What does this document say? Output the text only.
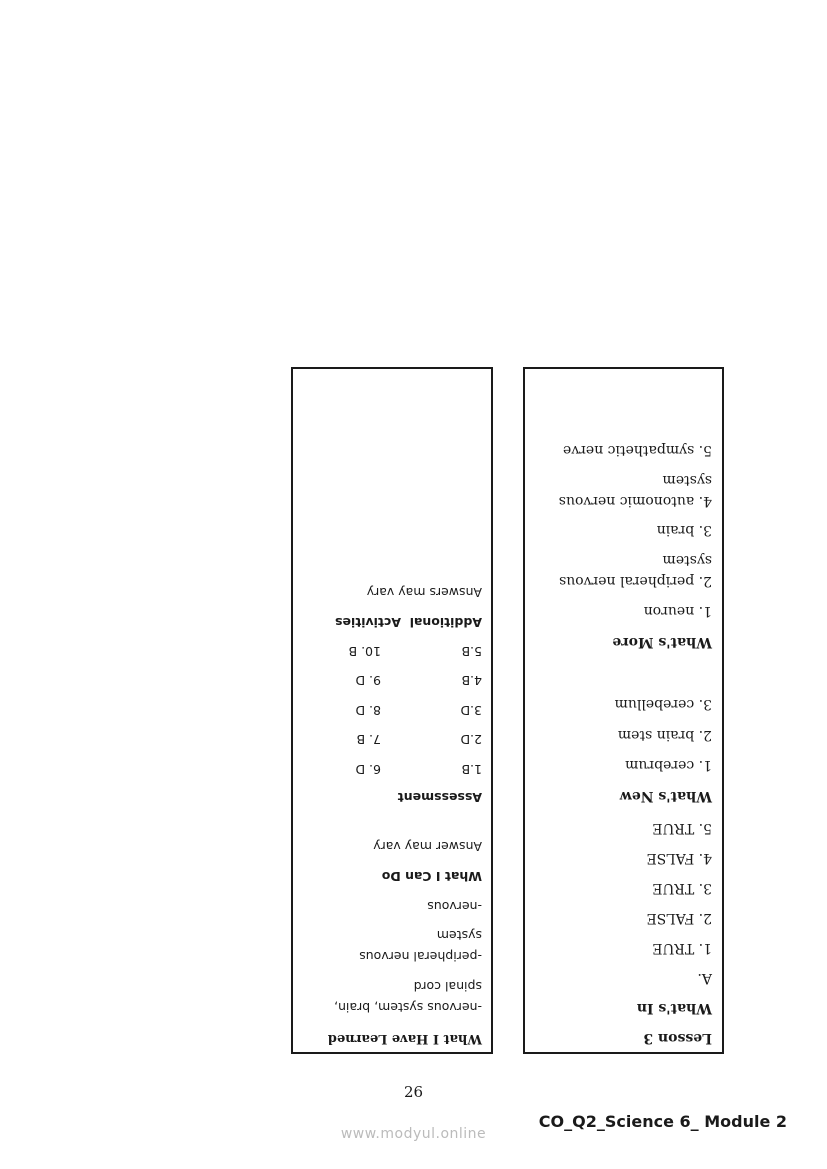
Lesson 3
What's In
A.
1. TRUE
2. FALSE
3. TRUE
4. FALSE
5. TRUE
What's New
1. cerebrum
2. brain stem
3. cerebellum
What's More
1. neuron
2. peripheral nervous
system
3. brain
4. autonomic nervous
system
5. sympathetic nerve
What I Have Learned
-nervous system, brain,
spinal cord
-peripheral nervous
system
-nervous
What I Can Do
Answer may vary
Assessment
1.B
6. D
2.D
7. B
3.D
8. D
4.B
9. D
5.B
10. B
Additional  Activities
Answers may vary
26
CO_Q2_Science 6_ Module 2
www.modyul.online
